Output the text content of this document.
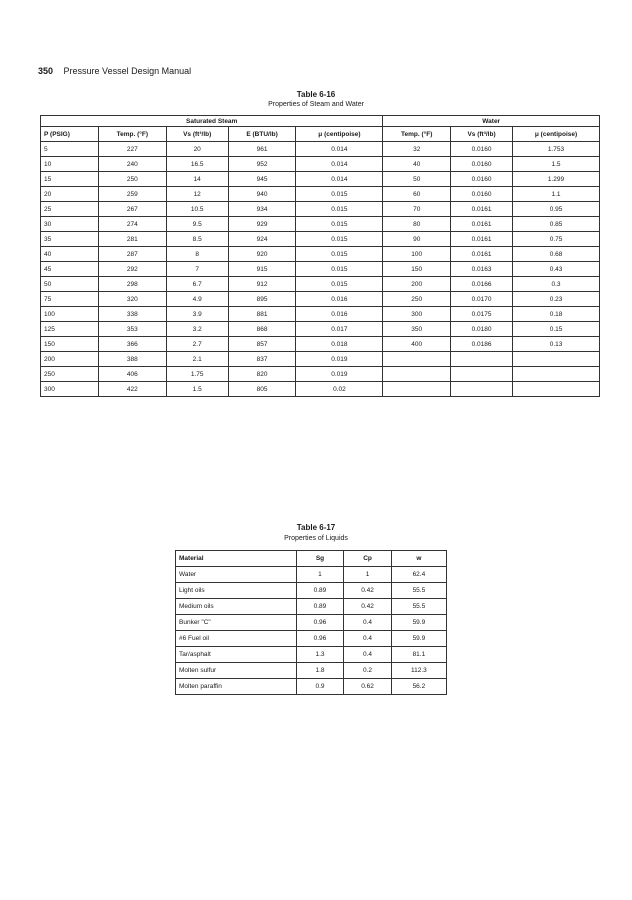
350 Pressure Vessel Design Manual
Table 6-16
Properties of Steam and Water
Saturated Steam					Water		
P (PSIG)	Temp. (°F)	Vs (ft³/lb)	E (BTU/lb)	μ (centipoise)	Temp. (°F)	Vs (ft³/lb)	μ (centipoise)
5	227	20	961	0.014	32	0.0160	1.753
10	240	16.5	952	0.014	40	0.0160	1.5
15	250	14	945	0.014	50	0.0160	1.299
20	259	12	940	0.015	60	0.0160	1.1
25	267	10.5	934	0.015	70	0.0161	0.95
30	274	9.5	929	0.015	80	0.0161	0.85
35	281	8.5	924	0.015	90	0.0161	0.75
40	287	8	920	0.015	100	0.0161	0.68
45	292	7	915	0.015	150	0.0163	0.43
50	298	6.7	912	0.015	200	0.0166	0.3
75	320	4.9	895	0.016	250	0.0170	0.23
100	338	3.9	881	0.016	300	0.0175	0.18
125	353	3.2	868	0.017	350	0.0180	0.15
150	366	2.7	857	0.018	400	0.0186	0.13
200	388	2.1	837	0.019			
250	406	1.75	820	0.019			
300	422	1.5	805	0.02			
Table 6-17
Properties of Liquids
Material	Sg	Cp	w
Water	1	1	62.4
Light oils	0.89	0.42	55.5
Medium oils	0.89	0.42	55.5
Bunker "C"	0.96	0.4	59.9
#6 Fuel oil	0.96	0.4	59.9
Tar/asphalt	1.3	0.4	81.1
Molten sulfur	1.8	0.2	112.3
Molten paraffin	0.9	0.62	56.2
